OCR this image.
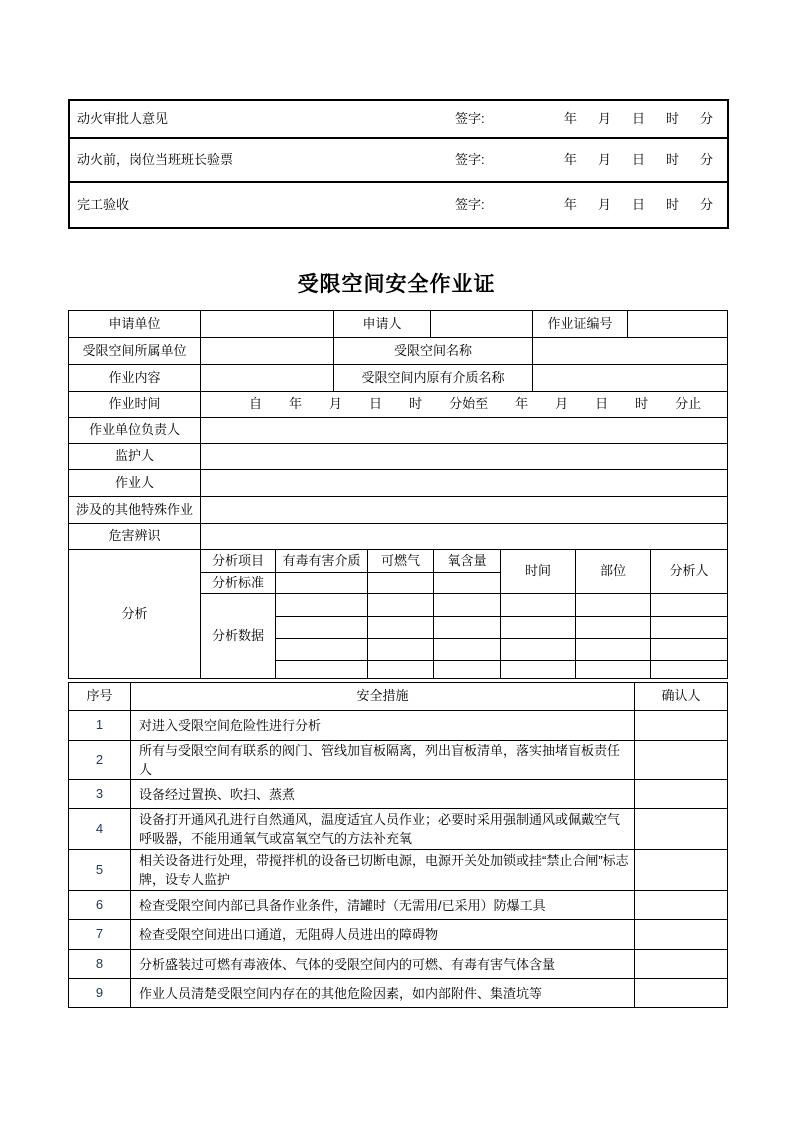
动火审批人意见	签字:	年 月 日 时 分

动火前，岗位当班班长验票	签字:	年 月 日 时 分

完工验收	签字:	年 月 日 时 分
受限空间安全作业证
申请单位		申请人		作业证编号	
受限空间所属单位		受限空间名称			
作业内容		受限空间内原有介质名称			
作业时间	自 年 月 日 时 分始至 年 月 日 时 分止

作业单位负责人	
监护人	
作业人	
涉及的其他特殊作业	
危害辨识	
分析	分析项目	有毒有害介质	可燃气	氧含量	时间	部位	分析人
	分析标准						
	分析数据						

序号	安全措施	确认人
1	对进入受限空间危险性进行分析	
2	所有与受限空间有联系的阀门、管线加盲板隔离，列出盲板清单，落实抽堵盲板责任人	
3	设备经过置换、吹扫、蒸煮	
4	设备打开通风孔进行自然通风，温度适宜人员作业；必要时采用强制通风或佩戴空气呼吸器，不能用通氧气或富氧空气的方法补充氧	
5	相关设备进行处理，带搅拌机的设备已切断电源，电源开关处加锁或挂“禁止合闸”标志牌，设专人监护	
6	检查受限空间内部已具备作业条件，清罐时（无需用/已采用）防爆工具	
7	检查受限空间进出口通道，无阻碍人员进出的障碍物	
8	分析盛装过可燃有毒液体、气体的受限空间内的可燃、有毒有害气体含量	
9	作业人员清楚受限空间内存在的其他危险因素，如内部附件、集渣坑等	
